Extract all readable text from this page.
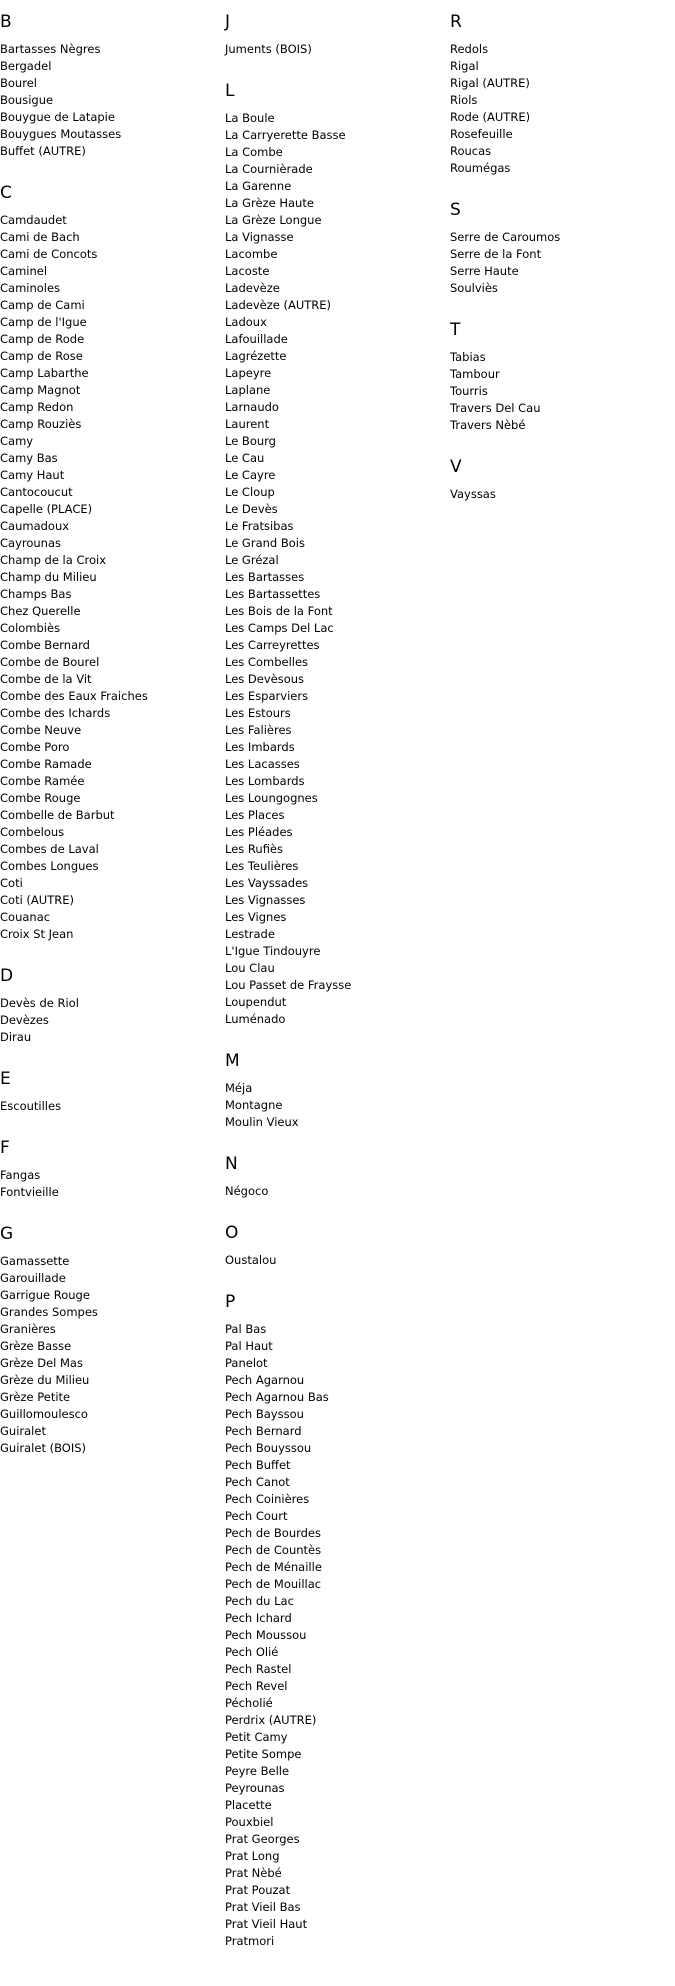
B
Bartasses Nègres
Bergadel
Bourel
Bousigue
Bouygue de Latapie
Bouygues Moutasses
Buffet (AUTRE)
C
Camdaudet
Cami de Bach
Cami de Concots
Caminel
Caminoles
Camp de Cami
Camp de l'Igue
Camp de Rode
Camp de Rose
Camp Labarthe
Camp Magnot
Camp Redon
Camp Rouziès
Camy
Camy Bas
Camy Haut
Cantocoucut
Capelle (PLACE)
Caumadoux
Cayrounas
Champ de la Croix
Champ du Milieu
Champs Bas
Chez Querelle
Colombiès
Combe Bernard
Combe de Bourel
Combe de la Vit
Combe des Eaux Fraiches
Combe des Ichards
Combe Neuve
Combe Poro
Combe Ramade
Combe Ramée
Combe Rouge
Combelle de Barbut
Combelous
Combes de Laval
Combes Longues
Coti
Coti (AUTRE)
Couanac
Croix St Jean
D
Devès de Riol
Devèzes
Dirau
E
Escoutilles
F
Fangas
Fontvieille
G
Gamassette
Garouillade
Garrigue Rouge
Grandes Sompes
Granières
Grèze Basse
Grèze Del Mas
Grèze du Milieu
Grèze Petite
Guillomoulesco
Guiralet
Guiralet (BOIS)
J
Juments (BOIS)
L
La Boule
La Carryerette Basse
La Combe
La Cournièrade
La Garenne
La Grèze Haute
La Grèze Longue
La Vignasse
Lacombe
Lacoste
Ladevèze
Ladevèze (AUTRE)
Ladoux
Lafouillade
Lagrézette
Lapeyre
Laplane
Larnaudo
Laurent
Le Bourg
Le Cau
Le Cayre
Le Cloup
Le Devès
Le Fratsibas
Le Grand Bois
Le Grézal
Les Bartasses
Les Bartassettes
Les Bois de la Font
Les Camps Del Lac
Les Carreyrettes
Les Combelles
Les Devèsous
Les Esparviers
Les Estours
Les Falières
Les Imbards
Les Lacasses
Les Lombards
Les Loungognes
Les Places
Les Pléades
Les Rufiès
Les Teulières
Les Vayssades
Les Vignasses
Les Vignes
Lestrade
L'Igue Tindouyre
Lou Clau
Lou Passet de Fraysse
Loupendut
Luménado
M
Méja
Montagne
Moulin Vieux
N
Négoco
O
Oustalou
P
Pal Bas
Pal Haut
Panelot
Pech Agarnou
Pech Agarnou Bas
Pech Bayssou
Pech Bernard
Pech Bouyssou
Pech Buffet
Pech Canot
Pech Coinières
Pech Court
Pech de Bourdes
Pech de Countès
Pech de Ménaille
Pech de Mouillac
Pech du Lac
Pech Ichard
Pech Moussou
Pech Olié
Pech Rastel
Pech Revel
Pécholié
Perdrix (AUTRE)
Petit Camy
Petite Sompe
Peyre Belle
Peyrounas
Placette
Pouxbiel
Prat Georges
Prat Long
Prat Nèbé
Prat Pouzat
Prat Vieil Bas
Prat Vieil Haut
Pratmori
R
Redols
Rigal
Rigal (AUTRE)
Riols
Rode (AUTRE)
Rosefeuille
Roucas
Roumégas
S
Serre de Caroumos
Serre de la Font
Serre Haute
Soulviès
T
Tabias
Tambour
Tourris
Travers Del Cau
Travers Nèbé
V
Vayssas
